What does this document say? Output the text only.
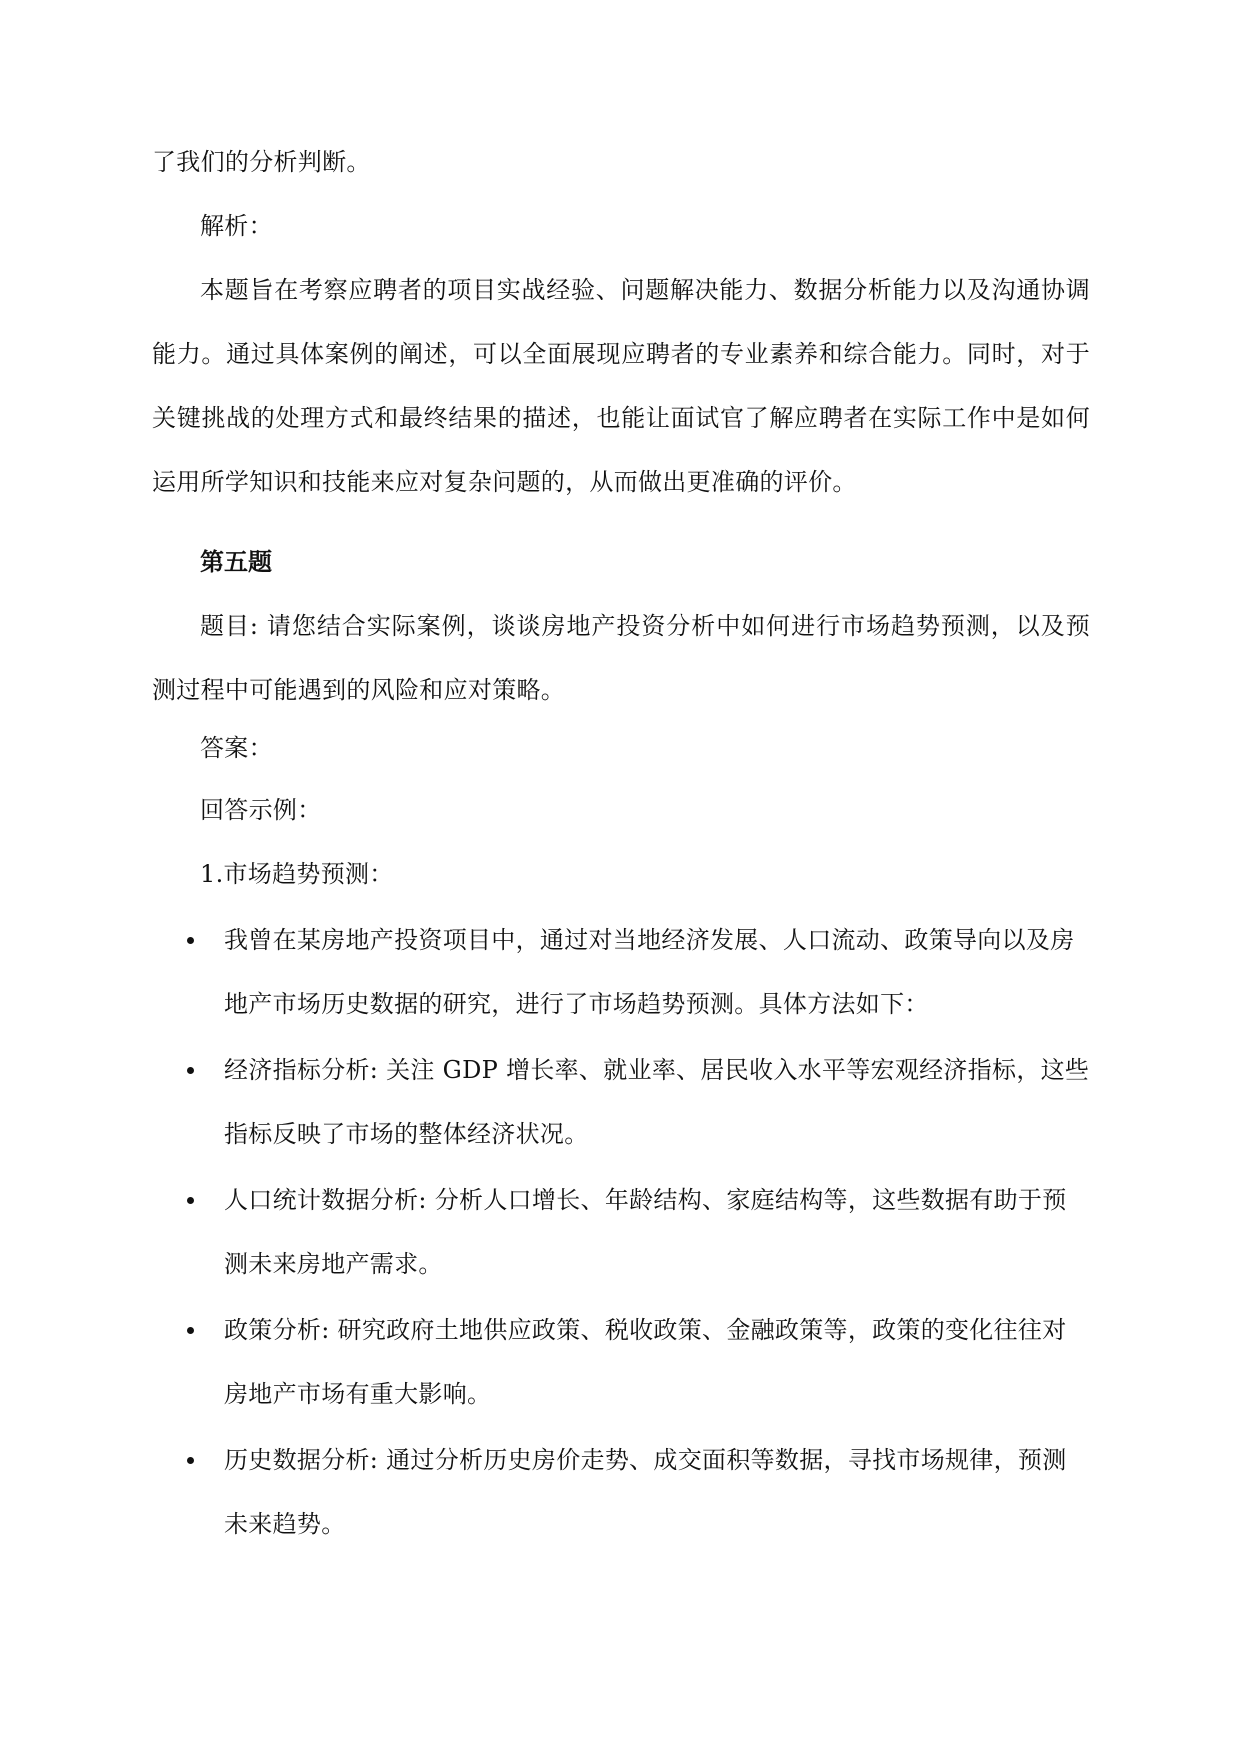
了我们的分析判断。

解析：

本题旨在考察应聘者的项目实战经验、问题解决能力、数据分析能力以及沟通协调能力。通过具体案例的阐述，可以全面展现应聘者的专业素养和综合能力。同时，对于关键挑战的处理方式和最终结果的描述，也能让面试官了解应聘者在实际工作中是如何运用所学知识和技能来应对复杂问题的，从而做出更准确的评价。

第五题

题目: 请您结合实际案例，谈谈房地产投资分析中如何进行市场趋势预测，以及预测过程中可能遇到的风险和应对策略。

答案：

回答示例：

1.市场趋势预测：

我曾在某房地产投资项目中，通过对当地经济发展、人口流动、政策导向以及房地产市场历史数据的研究，进行了市场趋势预测。具体方法如下：
经济指标分析: 关注 GDP 增长率、就业率、居民收入水平等宏观经济指标，这些指标反映了市场的整体经济状况。
人口统计数据分析: 分析人口增长、年龄结构、家庭结构等，这些数据有助于预测未来房地产需求。
政策分析: 研究政府土地供应政策、税收政策、金融政策等，政策的变化往往对房地产市场有重大影响。
历史数据分析: 通过分析历史房价走势、成交面积等数据，寻找市场规律，预测未来趋势。
